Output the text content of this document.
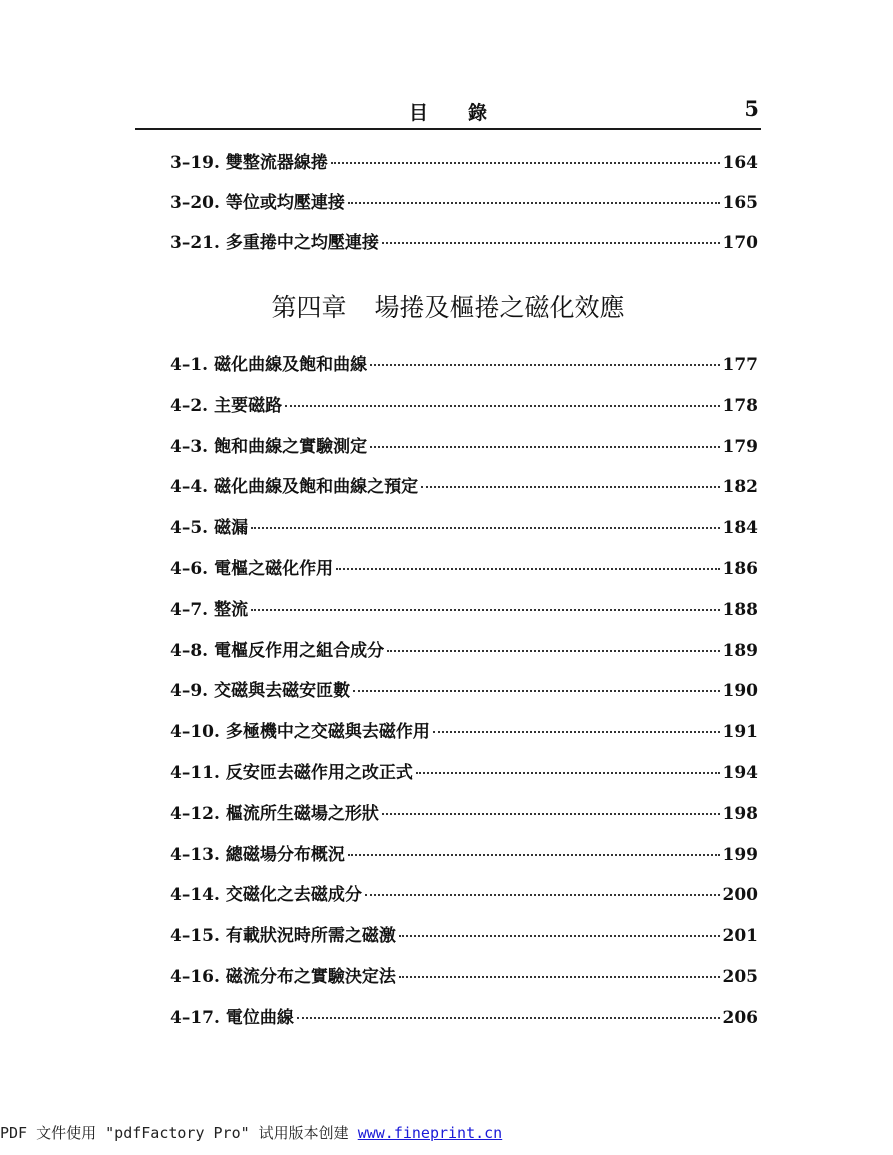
目錄	5
3–19. 雙整流器線捲	164
3–20. 等位或均壓連接	165
3–21. 多重捲中之均壓連接	170
第四章 場捲及樞捲之磁化效應
4–1. 磁化曲線及飽和曲線	177
4–2. 主要磁路	178
4–3. 飽和曲線之實驗測定	179
4–4. 磁化曲線及飽和曲線之預定	182
4–5. 磁漏	184
4–6. 電樞之磁化作用	186
4–7. 整流	188
4–8. 電樞反作用之組合成分	189
4–9. 交磁與去磁安匝數	190
4–10. 多極機中之交磁與去磁作用	191
4–11. 反安匝去磁作用之改正式	194
4–12. 樞流所生磁場之形狀	198
4–13. 總磁場分布概況	199
4–14. 交磁化之去磁成分	200
4–15. 有載狀況時所需之磁激	201
4–16. 磁流分布之實驗決定法	205
4–17. 電位曲線	206
PDF 文件使用 "pdfFactory Pro" 试用版本创建 www.fineprint.cn
